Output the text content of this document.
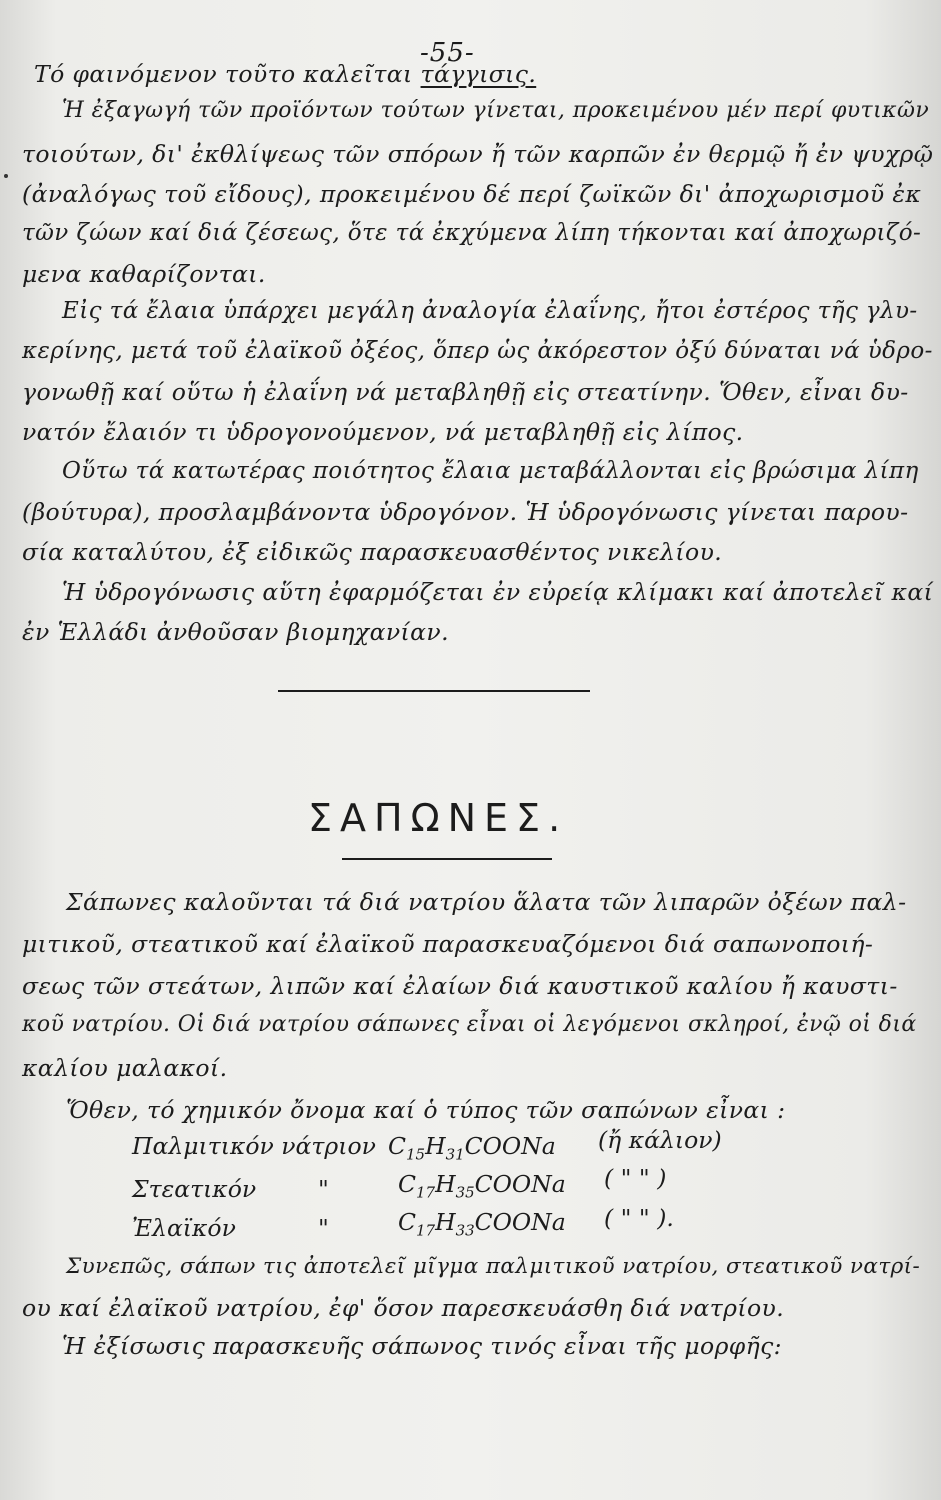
-55-
Τό φαινόμενον τοῦτο καλεῖται τάγγισις.
Ἡ ἐξαγωγή τῶν προϊόντων τούτων γίνεται, προκειμένου μέν περί φυτικῶν
τοιούτων, δι' ἐκθλίψεως τῶν σπόρων ἤ τῶν καρπῶν ἐν θερμῷ ἤ ἐν ψυχρῷ
(ἀναλόγως τοῦ εἴδους), προκειμένου δέ περί ζωϊκῶν δι' ἀποχωρισμοῦ ἐκ
τῶν ζώων καί διά ζέσεως, ὅτε τά ἐκχύμενα λίπη τήκονται καί ἀποχωριζό-
μενα καθαρίζονται.
Εἰς τά ἔλαια ὑπάρχει μεγάλη ἀναλογία ἐλαΐνης, ἤτοι ἐστέρος τῆς γλυ-
κερίνης, μετά τοῦ ἐλαϊκοῦ ὀξέος, ὅπερ ὡς ἀκόρεστον ὀξύ δύναται νά ὑδρο-
γονωθῇ καί οὕτω ἡ ἐλαΐνη νά μεταβληθῇ εἰς στεατίνην. Ὅθεν, εἶναι δυ-
νατόν ἔλαιόν τι ὑδρογονούμενον, νά μεταβληθῇ εἰς λίπος.
Οὕτω τά κατωτέρας ποιότητος ἔλαια μεταβάλλονται εἰς βρώσιμα λίπη
(βούτυρα), προσλαμβάνοντα ὑδρογόνον. Ἡ ὑδρογόνωσις γίνεται παρου-
σία καταλύτου, ἐξ εἰδικῶς παρασκευασθέντος νικελίου.
Ἡ ὑδρογόνωσις αὕτη ἐφαρμόζεται ἐν εὐρείᾳ κλίμακι καί ἀποτελεῖ καί
ἐν Ἑλλάδι ἀνθοῦσαν βιομηχανίαν.
ΣΑΠΩΝΕΣ.
Σάπωνες καλοῦνται τά διά νατρίου ἅλατα τῶν λιπαρῶν ὀξέων παλ-
μιτικοῦ, στεατικοῦ καί ἐλαϊκοῦ παρασκευαζόμενοι διά σαπωνοποιή-
σεως τῶν στεάτων, λιπῶν καί ἐλαίων διά καυστικοῦ καλίου ἤ καυστι-
κοῦ νατρίου. Οἱ διά νατρίου σάπωνες εἶναι οἱ λεγόμενοι σκληροί, ἐνῷ οἱ διά
καλίου μαλακοί.
Ὅθεν, τό χημικόν ὄνομα καί ὁ τύπος τῶν σαπώνων εἶναι :
Παλμιτικόν νάτριον $C_{15}H_{31}COONa$ (ἤ κάλιον)
Στεατικόν	"	$C_{17}H_{35}COONa$ ( " " )
Ἐλαϊκόν	"	$C_{17}H_{33}COONa$ ( " " ).
Συνεπῶς, σάπων τις ἀποτελεῖ μῖγμα παλμιτικοῦ νατρίου, στεατικοῦ νατρί-
ου καί ἐλαϊκοῦ νατρίου, ἐφ' ὅσον παρεσκευάσθη διά νατρίου.
Ἡ ἐξίσωσις παρασκευῆς σάπωνος τινός εἶναι τῆς μορφῆς:
